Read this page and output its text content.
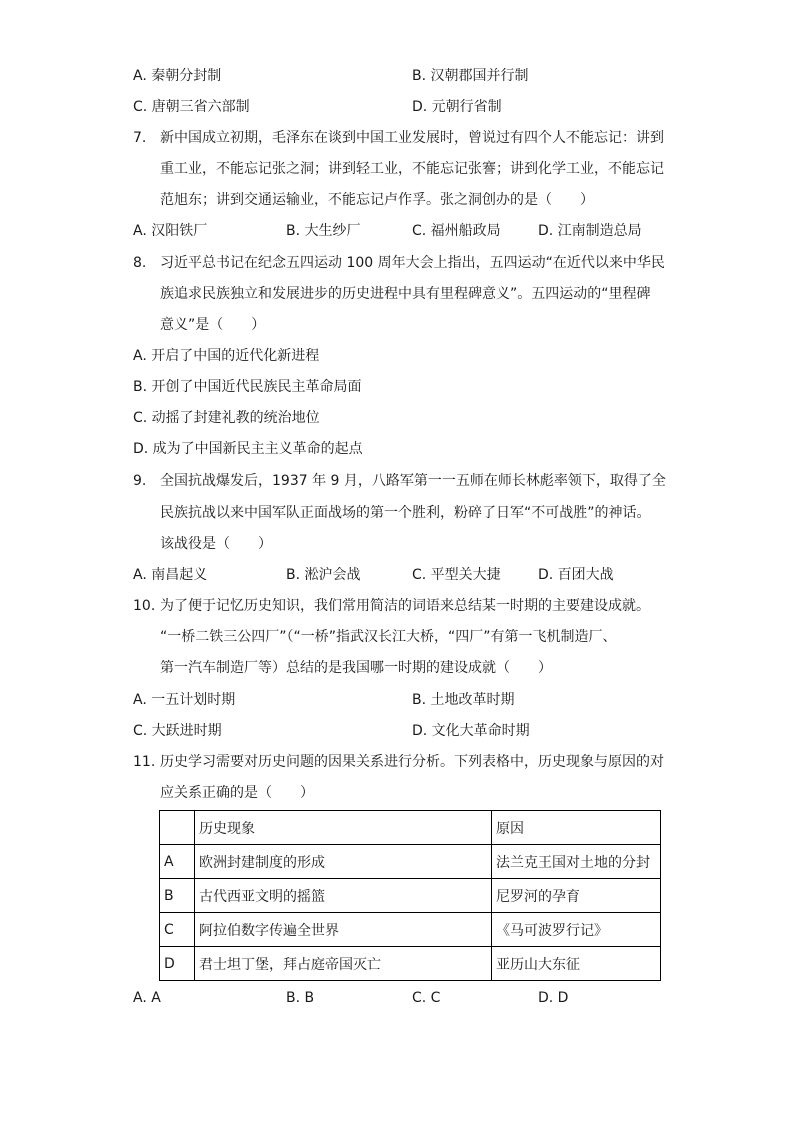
A. 秦朝分封制	B. 汉朝郡国并行制
C. 唐朝三省六部制	D. 元朝行省制
7. 新中国成立初期，毛泽东在谈到中国工业发展时，曾说过有四个人不能忘记：讲到
重工业，不能忘记张之洞；讲到轻工业，不能忘记张謇；讲到化学工业，不能忘记
范旭东；讲到交通运输业，不能忘记卢作孚。张之洞创办的是（　　）
A. 汉阳铁厂	B. 大生纱厂	C. 福州船政局	D. 江南制造总局
8. 习近平总书记在纪念五四运动 100 周年大会上指出，五四运动“在近代以来中华民
族追求民族独立和发展进步的历史进程中具有里程碑意义”。五四运动的“里程碑
意义”是（　　）
A. 开启了中国的近代化新进程
B. 开创了中国近代民族民主革命局面
C. 动摇了封建礼教的统治地位
D. 成为了中国新民主主义革命的起点
9. 全国抗战爆发后，1937 年 9 月，八路军第一一五师在师长林彪率领下，取得了全
民族抗战以来中国军队正面战场的第一个胜利，粉碎了日军“不可战胜”的神话。
该战役是（　　）
A. 南昌起义	B. 淞沪会战	C. 平型关大捷	D. 百团大战
10. 为了便于记忆历史知识，我们常用简洁的词语来总结某一时期的主要建设成就。
“一桥二铁三公四厂”（“一桥”指武汉长江大桥，“四厂”有第一飞机制造厂、
第一汽车制造厂等）总结的是我国哪一时期的建设成就（　　）
A. 一五计划时期	B. 土地改革时期
C. 大跃进时期	D. 文化大革命时期
11. 历史学习需要对历史问题的因果关系进行分析。下列表格中，历史现象与原因的对
应关系正确的是（　　）
	历史现象	原因
A	欧洲封建制度的形成	法兰克王国对土地的分封
B	古代西亚文明的摇篮	尼罗河的孕育
C	阿拉伯数字传遍全世界	《马可波罗行记》
D	君士坦丁堡，拜占庭帝国灭亡	亚历山大东征
A. A	B. B	C. C	D. D
